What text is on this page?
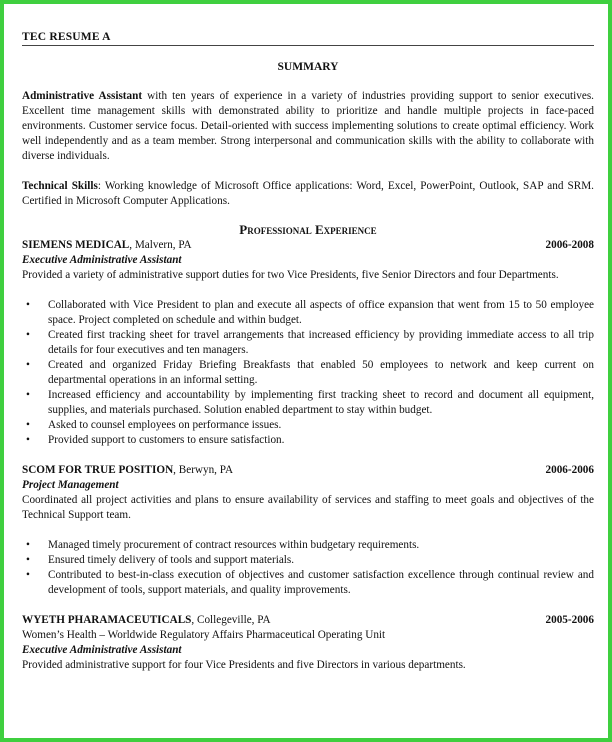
TEC RESUME A
SUMMARY

Administrative Assistant with ten years of experience in a variety of industries providing support to senior executives. Excellent time management skills with demonstrated ability to prioritize and handle multiple projects in face-paced environments. Customer service focus. Detail-oriented with success implementing solutions to create optimal efficiency. Work well independently and as a team member. Strong interpersonal and communication skills with the ability to collaborate with diverse individuals.

Technical Skills: Working knowledge of Microsoft Office applications: Word, Excel, PowerPoint, Outlook, SAP and SRM. Certified in Microsoft Computer Applications.

Professional Experience
SIEMENS MEDICAL, Malvern, PA	2006-2008
Executive Administrative Assistant

Provided a variety of administrative support duties for two Vice Presidents, five Senior Directors and four Departments.

• Collaborated with Vice President to plan and execute all aspects of office expansion that went from 15 to 50 employee space. Project completed on schedule and within budget.
• Created first tracking sheet for travel arrangements that increased efficiency by providing immediate access to all trip details for four executives and ten managers.
• Created and organized Friday Briefing Breakfasts that enabled 50 employees to network and keep current on departmental operations in an informal setting.
• Increased efficiency and accountability by implementing first tracking sheet to record and document all equipment, supplies, and materials purchased. Solution enabled department to stay within budget.
• Asked to counsel employees on performance issues.
• Provided support to customers to ensure satisfaction.
SCOM FOR TRUE POSITION, Berwyn, PA	2006-2006
Project Management

Coordinated all project activities and plans to ensure availability of services and staffing to meet goals and objectives of the Technical Support team.

• Managed timely procurement of contract resources within budgetary requirements.
• Ensured timely delivery of tools and support materials.
• Contributed to best-in-class execution of objectives and customer satisfaction excellence through continual review and development of tools, support materials, and quality improvements.
WYETH PHARAMACEUTICALS, Collegeville, PA	2005-2006
Women’s Health – Worldwide Regulatory Affairs Pharmaceutical Operating Unit
Executive Administrative Assistant

Provided administrative support for four Vice Presidents and five Directors in various departments.
